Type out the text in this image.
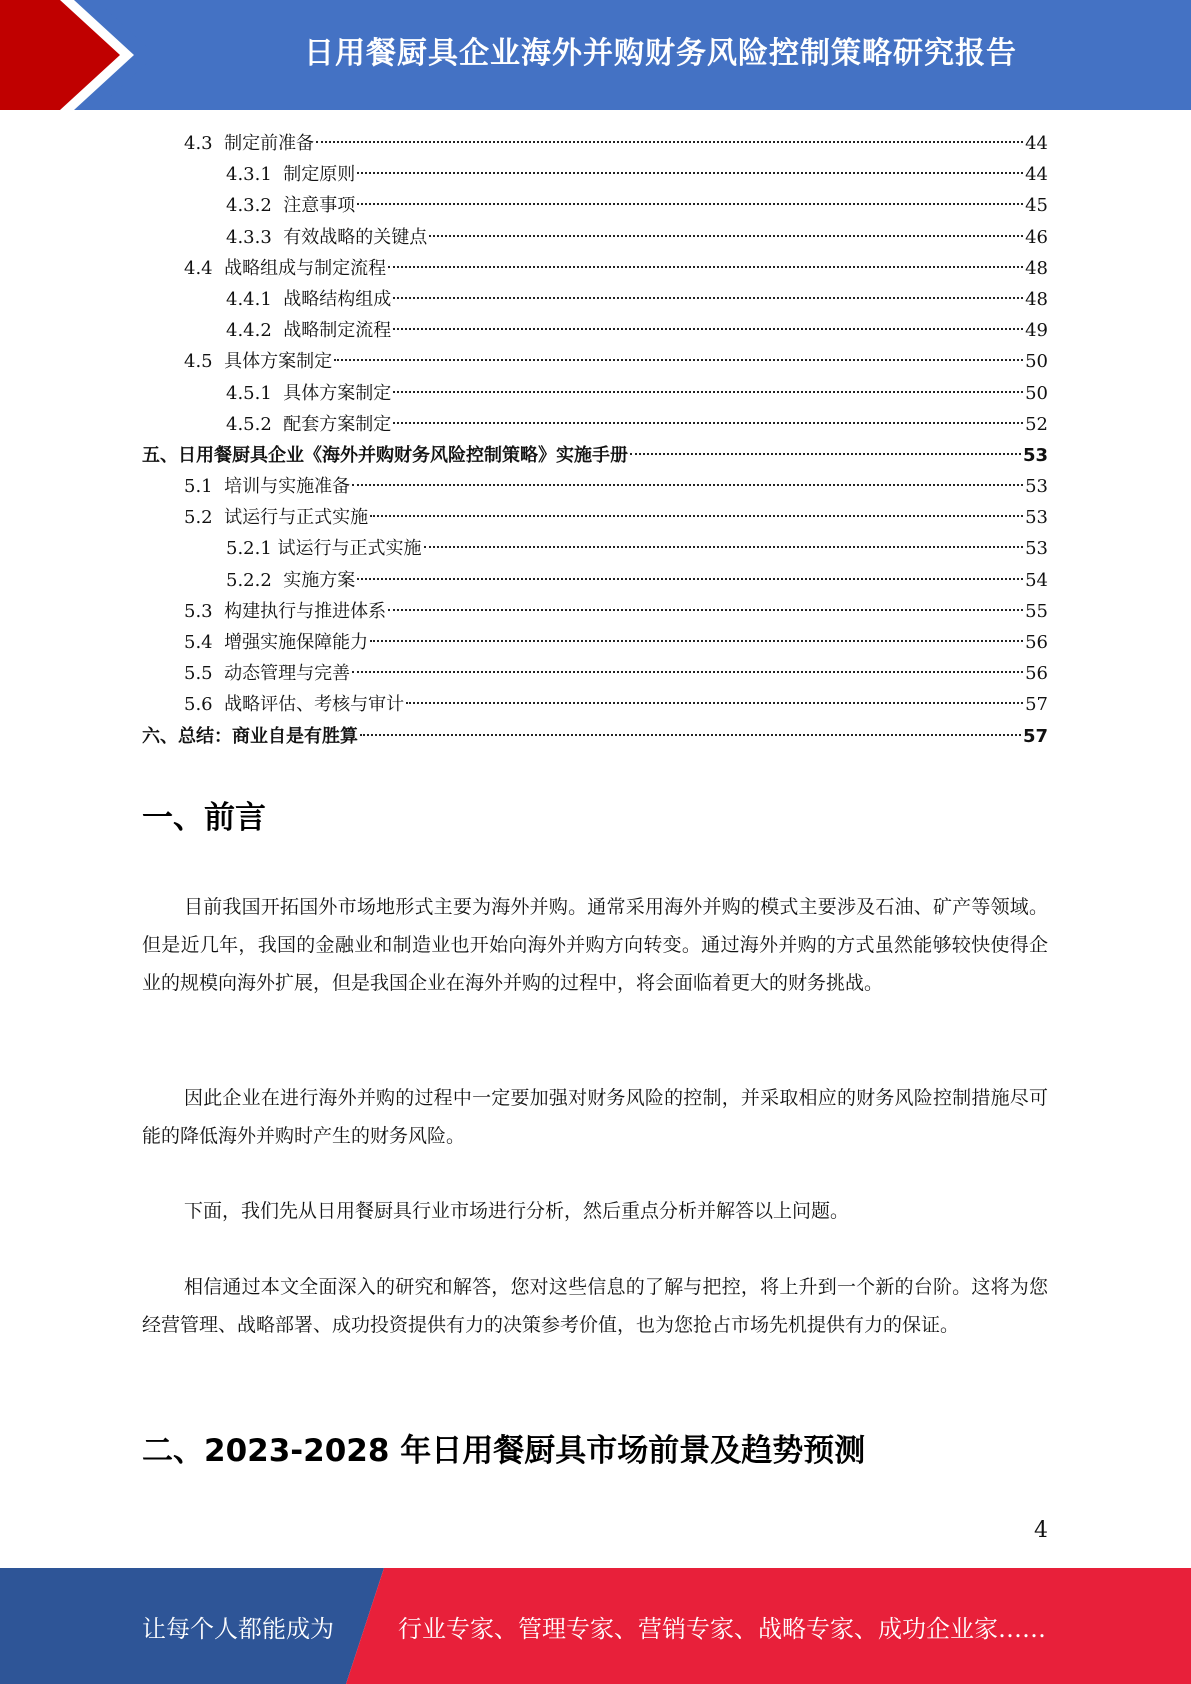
日用餐厨具企业海外并购财务风险控制策略研究报告
4.3 制定前准备	44
4.3.1 制定原则	44
4.3.2 注意事项	45
4.3.3 有效战略的关键点	46
4.4 战略组成与制定流程	48
4.4.1 战略结构组成	48
4.4.2 战略制定流程	49
4.5 具体方案制定	50
4.5.1 具体方案制定	50
4.5.2 配套方案制定	52
五、日用餐厨具企业《海外并购财务风险控制策略》实施手册	53
5.1 培训与实施准备	53
5.2 试运行与正式实施	53
5.2.1 试运行与正式实施	53
5.2.2 实施方案	54
5.3 构建执行与推进体系	55
5.4 增强实施保障能力	56
5.5 动态管理与完善	56
5.6 战略评估、考核与审计	57
六、总结：商业自是有胜算	57
一、前言

目前我国开拓国外市场地形式主要为海外并购。通常采用海外并购的模式主要涉及石油、矿产等领域。但是近几年，我国的金融业和制造业也开始向海外并购方向转变。通过海外并购的方式虽然能够较快使得企业的规模向海外扩展，但是我国企业在海外并购的过程中，将会面临着更大的财务挑战。

因此企业在进行海外并购的过程中一定要加强对财务风险的控制，并采取相应的财务风险控制措施尽可能的降低海外并购时产生的财务风险。

下面，我们先从日用餐厨具行业市场进行分析，然后重点分析并解答以上问题。

相信通过本文全面深入的研究和解答，您对这些信息的了解与把控，将上升到一个新的台阶。这将为您经营管理、战略部署、成功投资提供有力的决策参考价值，也为您抢占市场先机提供有力的保证。

二、2023-2028 年日用餐厨具市场前景及趋势预测
4
让每个人都能成为	行业专家、管理专家、营销专家、战略专家、成功企业家……
